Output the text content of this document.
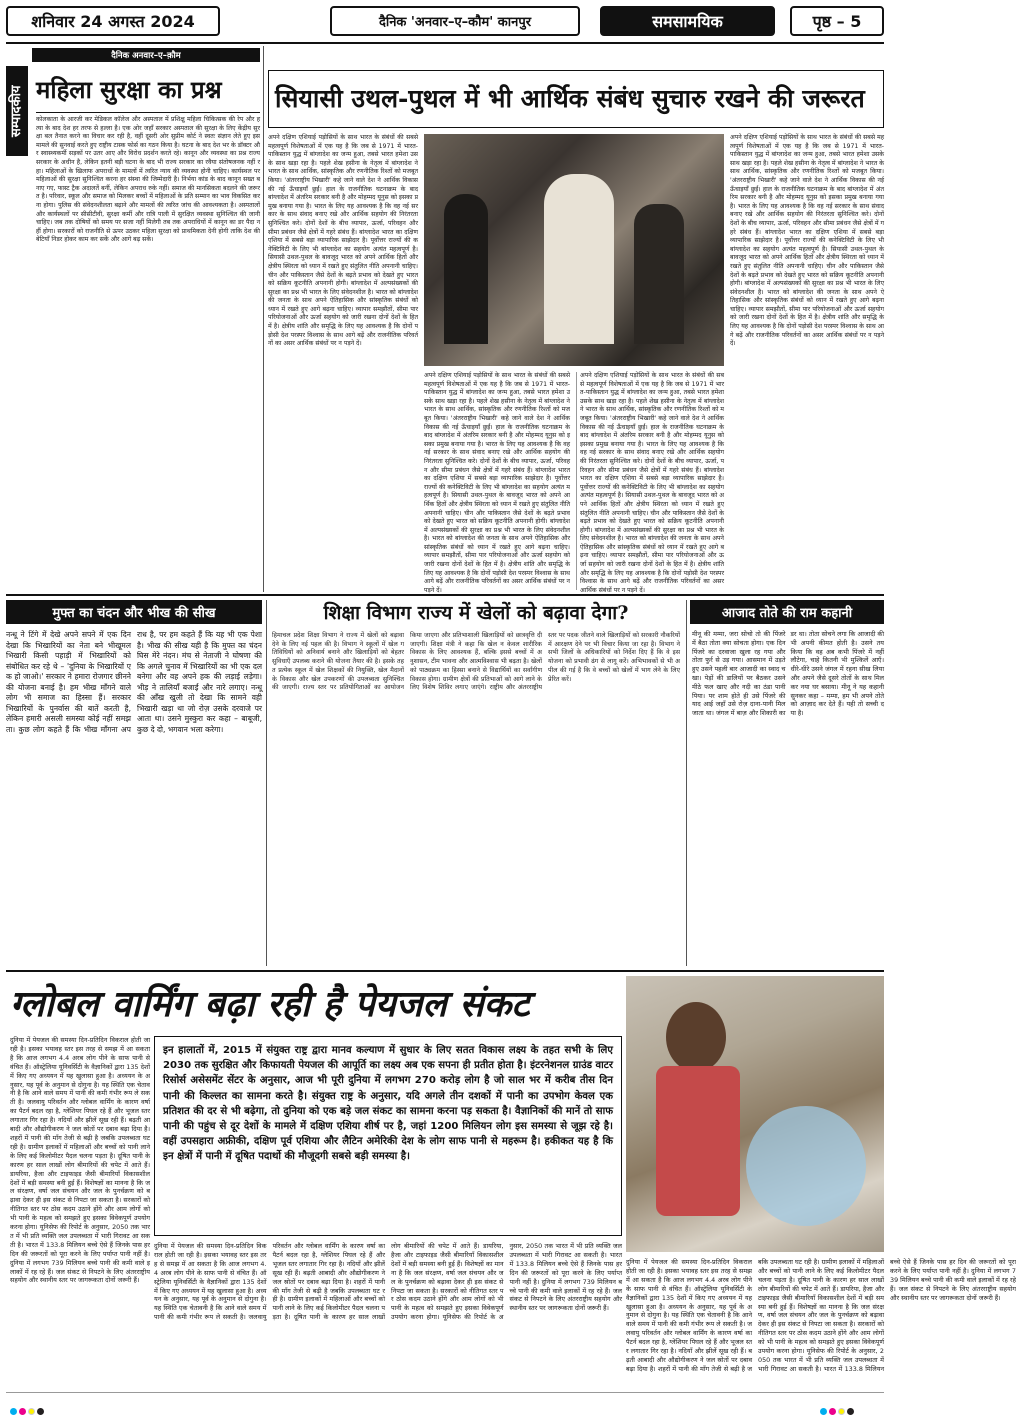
शनिवार 24 अगस्त 2024	दैनिक 'अनवार–ए–कौम' कानपुर	समसामयिक	पृष्ठ – 5
सम्पादकीय
दैनिक अनवार–ए–क़ौम
महिला सुरक्षा का प्रश्न
कोलकाता के आरजी कर मेडिकल कॉलेज और अस्पताल में प्रशिक्षु महिला चिकित्सक की रेप और हत्या के बाद देश हर तरफ से हल्ला है। एक ओर जहाँ सरकार अस्पताल की सुरक्षा के लिए केंद्रीय सुरक्षा बल तैनात करने का विचार कर रही है, वहीं दूसरी ओर सुप्रीम कोर्ट ने स्वतः संज्ञान लेते हुए इस मामले की सुनवाई करते हुए राष्ट्रीय टास्क फोर्स का गठन किया है। घटना के बाद देश भर के डॉक्टर और स्वास्थ्यकर्मी सड़कों पर उतर आए और विरोध प्रदर्शन करते रहे। कानून और व्यवस्था का प्रश्न राज्य सरकार के अधीन है, लेकिन इतनी बड़ी घटना के बाद भी राज्य सरकार का रवैया संतोषजनक नहीं रहा। महिलाओं के खिलाफ अपराधों के मामलों में त्वरित न्याय की व्यवस्था होनी चाहिए। कार्यस्थल पर महिलाओं की सुरक्षा सुनिश्चित करना हर संस्था की जिम्मेदारी है। निर्भया कांड के बाद कानून सख्त बनाए गए, फास्ट ट्रैक अदालतें बनीं, लेकिन अपराध रुके नहीं। समाज की मानसिकता बदलने की जरूरत है। परिवार, स्कूल और समाज को मिलकर बच्चों में महिलाओं के प्रति सम्मान का भाव विकसित करना होगा। पुलिस की संवेदनशीलता बढ़ाने और मामलों की त्वरित जांच की आवश्यकता है। अस्पतालों और कार्यस्थलों पर सीसीटीवी, सुरक्षा कर्मी और रात्रि पाली में सुरक्षित व्यवस्था सुनिश्चित की जानी चाहिए। जब तक दोषियों को समय पर सजा नहीं मिलेगी तब तक अपराधियों में कानून का डर पैदा नहीं होगा। सरकारों को राजनीति से ऊपर उठकर महिला सुरक्षा को प्राथमिकता देनी होगी ताकि देश की बेटियाँ निडर होकर काम कर सकें और आगे बढ़ सकें।
सियासी उथल-पुथल में भी आर्थिक संबंध सुचारु रखने की जरूरत
अपने दक्षिण एशियाई पड़ोसियों के साथ भारत के संबंधों की सबसे महत्वपूर्ण विशेषताओं में एक यह है कि जब से 1971 में भारत-पाकिस्तान युद्ध में बांग्लादेश का जन्म हुआ, तबसे भारत हमेशा उसके साथ खड़ा रहा है। पहले शेख हसीना के नेतृत्व में बांग्लादेश ने भारत के साथ आर्थिक, सांस्कृतिक और रणनीतिक रिश्तों को मजबूत किया। 'अंतरराष्ट्रीय भिखारी' कहे जाने वाले देश ने आर्थिक विकास की नई ऊँचाइयाँ छुईं। हाल के राजनीतिक घटनाक्रम के बाद बांग्लादेश में अंतरिम सरकार बनी है और मोहम्मद यूनुस को इसका प्रमुख बनाया गया है। भारत के लिए यह आवश्यक है कि वह नई सरकार के साथ संवाद बनाए रखे और आर्थिक सहयोग की निरंतरता सुनिश्चित करे। दोनों देशों के बीच व्यापार, ऊर्जा, परिवहन और सीमा प्रबंधन जैसे क्षेत्रों में गहरे संबंध हैं। बांग्लादेश भारत का दक्षिण एशिया में सबसे बड़ा व्यापारिक साझेदार है। पूर्वोत्तर राज्यों की कनेक्टिविटी के लिए भी बांग्लादेश का सहयोग अत्यंत महत्वपूर्ण है। सियासी उथल-पुथल के बावजूद भारत को अपने आर्थिक हितों और क्षेत्रीय स्थिरता को ध्यान में रखते हुए संतुलित नीति अपनानी चाहिए। चीन और पाकिस्तान जैसे देशों के बढ़ते प्रभाव को देखते हुए भारत को सक्रिय कूटनीति अपनानी होगी। बांग्लादेश में अल्पसंख्यकों की सुरक्षा का प्रश्न भी भारत के लिए संवेदनशील है। भारत को बांग्लादेश की जनता के साथ अपने ऐतिहासिक और सांस्कृतिक संबंधों को ध्यान में रखते हुए आगे बढ़ना चाहिए। व्यापार समझौतों, सीमा पार परियोजनाओं और ऊर्जा सहयोग को जारी रखना दोनों देशों के हित में है। क्षेत्रीय शांति और समृद्धि के लिए यह आवश्यक है कि दोनों पड़ोसी देश परस्पर विश्वास के साथ आगे बढ़ें और राजनीतिक परिवर्तनों का असर आर्थिक संबंधों पर न पड़ने दें।
अपने दक्षिण एशियाई पड़ोसियों के साथ भारत के संबंधों की सबसे महत्वपूर्ण विशेषताओं में एक यह है कि जब से 1971 में भारत-पाकिस्तान युद्ध में बांग्लादेश का जन्म हुआ, तबसे भारत हमेशा उसके साथ खड़ा रहा है। पहले शेख हसीना के नेतृत्व में बांग्लादेश ने भारत के साथ आर्थिक, सांस्कृतिक और रणनीतिक रिश्तों को मजबूत किया। 'अंतरराष्ट्रीय भिखारी' कहे जाने वाले देश ने आर्थिक विकास की नई ऊँचाइयाँ छुईं। हाल के राजनीतिक घटनाक्रम के बाद बांग्लादेश में अंतरिम सरकार बनी है और मोहम्मद यूनुस को इसका प्रमुख बनाया गया है। भारत के लिए यह आवश्यक है कि वह नई सरकार के साथ संवाद बनाए रखे और आर्थिक सहयोग की निरंतरता सुनिश्चित करे। दोनों देशों के बीच व्यापार, ऊर्जा, परिवहन और सीमा प्रबंधन जैसे क्षेत्रों में गहरे संबंध हैं। बांग्लादेश भारत का दक्षिण एशिया में सबसे बड़ा व्यापारिक साझेदार है। पूर्वोत्तर राज्यों की कनेक्टिविटी के लिए भी बांग्लादेश का सहयोग अत्यंत महत्वपूर्ण है। सियासी उथल-पुथल के बावजूद भारत को अपने आर्थिक हितों और क्षेत्रीय स्थिरता को ध्यान में रखते हुए संतुलित नीति अपनानी चाहिए। चीन और पाकिस्तान जैसे देशों के बढ़ते प्रभाव को देखते हुए भारत को सक्रिय कूटनीति अपनानी होगी। बांग्लादेश में अल्पसंख्यकों की सुरक्षा का प्रश्न भी भारत के लिए संवेदनशील है। भारत को बांग्लादेश की जनता के साथ अपने ऐतिहासिक और सांस्कृतिक संबंधों को ध्यान में रखते हुए आगे बढ़ना चाहिए। व्यापार समझौतों, सीमा पार परियोजनाओं और ऊर्जा सहयोग को जारी रखना दोनों देशों के हित में है। क्षेत्रीय शांति और समृद्धि के लिए यह आवश्यक है कि दोनों पड़ोसी देश परस्पर विश्वास के साथ आगे बढ़ें और राजनीतिक परिवर्तनों का असर आर्थिक संबंधों पर न पड़ने दें।
अपने दक्षिण एशियाई पड़ोसियों के साथ भारत के संबंधों की सबसे महत्वपूर्ण विशेषताओं में एक यह है कि जब से 1971 में भारत-पाकिस्तान युद्ध में बांग्लादेश का जन्म हुआ, तबसे भारत हमेशा उसके साथ खड़ा रहा है। पहले शेख हसीना के नेतृत्व में बांग्लादेश ने भारत के साथ आर्थिक, सांस्कृतिक और रणनीतिक रिश्तों को मजबूत किया। 'अंतरराष्ट्रीय भिखारी' कहे जाने वाले देश ने आर्थिक विकास की नई ऊँचाइयाँ छुईं। हाल के राजनीतिक घटनाक्रम के बाद बांग्लादेश में अंतरिम सरकार बनी है और मोहम्मद यूनुस को इसका प्रमुख बनाया गया है। भारत के लिए यह आवश्यक है कि वह नई सरकार के साथ संवाद बनाए रखे और आर्थिक सहयोग की निरंतरता सुनिश्चित करे। दोनों देशों के बीच व्यापार, ऊर्जा, परिवहन और सीमा प्रबंधन जैसे क्षेत्रों में गहरे संबंध हैं। बांग्लादेश भारत का दक्षिण एशिया में सबसे बड़ा व्यापारिक साझेदार है। पूर्वोत्तर राज्यों की कनेक्टिविटी के लिए भी बांग्लादेश का सहयोग अत्यंत महत्वपूर्ण है। सियासी उथल-पुथल के बावजूद भारत को अपने आर्थिक हितों और क्षेत्रीय स्थिरता को ध्यान में रखते हुए संतुलित नीति अपनानी चाहिए। चीन और पाकिस्तान जैसे देशों के बढ़ते प्रभाव को देखते हुए भारत को सक्रिय कूटनीति अपनानी होगी। बांग्लादेश में अल्पसंख्यकों की सुरक्षा का प्रश्न भी भारत के लिए संवेदनशील है। भारत को बांग्लादेश की जनता के साथ अपने ऐतिहासिक और सांस्कृतिक संबंधों को ध्यान में रखते हुए आगे बढ़ना चाहिए। व्यापार समझौतों, सीमा पार परियोजनाओं और ऊर्जा सहयोग को जारी रखना दोनों देशों के हित में है। क्षेत्रीय शांति और समृद्धि के लिए यह आवश्यक है कि दोनों पड़ोसी देश परस्पर विश्वास के साथ आगे बढ़ें और राजनीतिक परिवर्तनों का असर आर्थिक संबंधों पर न पड़ने दें।
अपने दक्षिण एशियाई पड़ोसियों के साथ भारत के संबंधों की सबसे महत्वपूर्ण विशेषताओं में एक यह है कि जब से 1971 में भारत-पाकिस्तान युद्ध में बांग्लादेश का जन्म हुआ, तबसे भारत हमेशा उसके साथ खड़ा रहा है। पहले शेख हसीना के नेतृत्व में बांग्लादेश ने भारत के साथ आर्थिक, सांस्कृतिक और रणनीतिक रिश्तों को मजबूत किया। 'अंतरराष्ट्रीय भिखारी' कहे जाने वाले देश ने आर्थिक विकास की नई ऊँचाइयाँ छुईं। हाल के राजनीतिक घटनाक्रम के बाद बांग्लादेश में अंतरिम सरकार बनी है और मोहम्मद यूनुस को इसका प्रमुख बनाया गया है। भारत के लिए यह आवश्यक है कि वह नई सरकार के साथ संवाद बनाए रखे और आर्थिक सहयोग की निरंतरता सुनिश्चित करे। दोनों देशों के बीच व्यापार, ऊर्जा, परिवहन और सीमा प्रबंधन जैसे क्षेत्रों में गहरे संबंध हैं। बांग्लादेश भारत का दक्षिण एशिया में सबसे बड़ा व्यापारिक साझेदार है। पूर्वोत्तर राज्यों की कनेक्टिविटी के लिए भी बांग्लादेश का सहयोग अत्यंत महत्वपूर्ण है। सियासी उथल-पुथल के बावजूद भारत को अपने आर्थिक हितों और क्षेत्रीय स्थिरता को ध्यान में रखते हुए संतुलित नीति अपनानी चाहिए। चीन और पाकिस्तान जैसे देशों के बढ़ते प्रभाव को देखते हुए भारत को सक्रिय कूटनीति अपनानी होगी। बांग्लादेश में अल्पसंख्यकों की सुरक्षा का प्रश्न भी भारत के लिए संवेदनशील है। भारत को बांग्लादेश की जनता के साथ अपने ऐतिहासिक और सांस्कृतिक संबंधों को ध्यान में रखते हुए आगे बढ़ना चाहिए। व्यापार समझौतों, सीमा पार परियोजनाओं और ऊर्जा सहयोग को जारी रखना दोनों देशों के हित में है। क्षेत्रीय शांति और समृद्धि के लिए यह आवश्यक है कि दोनों पड़ोसी देश परस्पर विश्वास के साथ आगे बढ़ें और राजनीतिक परिवर्तनों का असर आर्थिक संबंधों पर न पड़ने दें।
मुफ्त का चंदन और भीख की सीख
नन्धू ने टिंगे में देखे अपने सपने में एक दिन देखा कि भिखारियों का नेता बने भीखूमल भिखारी किसी पहाड़ी में भिखारियों को संबोधित कर रहे थे – 'दुनिया के भिखारियों एक हो जाओ।' सरकार ने हमारा रोजगार छीनने की योजना बनाई है। हम भीख माँगने वाले लोग भी समाज का हिस्सा हैं। सरकार भिखारियों के पुनर्वास की बातें करती है, लेकिन हमारी असली समस्या कोई नहीं समझता। कुछ लोग कहते हैं कि भीख माँगना अपराध है, पर हम कहते हैं कि यह भी एक पेशा है। भीख की सीख यही है कि मुफ्त का चंदन घिस मेरे नंदन। मंच से नेताजी ने घोषणा की कि अगले चुनाव में भिखारियों का भी एक दल बनेगा और वह अपने हक की लड़ाई लड़ेगा। भीड़ ने तालियाँ बजाईं और नारे लगाए। नन्धू की आँख खुली तो देखा कि सामने वही भिखारी खड़ा था जो रोज़ उसके दरवाजे पर आता था। उसने मुस्कुरा कर कहा – बाबूजी, कुछ दे दो, भगवान भला करेगा।
शिक्षा विभाग राज्य में खेलों को बढ़ावा देगा?
हिमाचल प्रदेश शिक्षा विभाग ने राज्य में खेलों को बढ़ावा देने के लिए नई पहल की है। विभाग ने स्कूलों में खेल गतिविधियों को अनिवार्य बनाने और खिलाड़ियों को बेहतर सुविधाएँ उपलब्ध कराने की योजना तैयार की है। इसके तहत प्रत्येक स्कूल में खेल शिक्षकों की नियुक्ति, खेल मैदानों के विकास और खेल उपकरणों की उपलब्धता सुनिश्चित की जाएगी। राज्य स्तर पर प्रतियोगिताओं का आयोजन किया जाएगा और प्रतिभाशाली खिलाड़ियों को छात्रवृत्ति दी जाएगी। शिक्षा मंत्री ने कहा कि खेल न केवल शारीरिक विकास के लिए आवश्यक हैं, बल्कि इससे बच्चों में अनुशासन, टीम भावना और आत्मविश्वास भी बढ़ता है। खेलों को पाठ्यक्रम का हिस्सा बनाने से विद्यार्थियों का सर्वांगीण विकास होगा। ग्रामीण क्षेत्रों की प्रतिभाओं को आगे लाने के लिए विशेष शिविर लगाए जाएंगे। राष्ट्रीय और अंतरराष्ट्रीय स्तर पर पदक जीतने वाले खिलाड़ियों को सरकारी नौकरियों में आरक्षण देने पर भी विचार किया जा रहा है। विभाग ने सभी जिलों के अधिकारियों को निर्देश दिए हैं कि वे इस योजना को प्रभावी ढंग से लागू करें। अभिभावकों से भी अपील की गई है कि वे बच्चों को खेलों में भाग लेने के लिए प्रेरित करें।
आजाद तोते की राम कहानी
मीनू की मम्मा, जरा सोचो तो की पिंजरे में बैठा तोता क्या सोचता होगा। एक दिन पिंजरे का दरवाजा खुला रह गया और तोता फुर्र से उड़ गया। आसमान में उड़ते हुए उसने पहली बार आजादी का स्वाद चखा। पेड़ों की डालियों पर बैठकर उसने मीठे फल खाए और नदी का ठंडा पानी पिया। पर शाम होते ही उसे पिंजरे की याद आई जहाँ उसे रोज़ दाना-पानी मिल जाता था। जंगल में बाज़ और शिकारी का डर था। तोता सोचने लगा कि आजादी की भी अपनी कीमत होती है। उसने तय किया कि वह अब कभी पिंजरे में नहीं लौटेगा, चाहे कितनी भी मुश्किलें आएँ। धीरे-धीरे उसने जंगल में रहना सीख लिया और अपने जैसे दूसरे तोतों के साथ मिलकर नया घर बसाया। मीनू ने यह कहानी सुनकर कहा – मम्मा, हम भी अपने तोते को आज़ाद कर देते हैं। यही तो सच्ची दया है।
ग्लोबल वार्मिंग बढ़ा रही है पेयजल संकट
दुनिया में पेयजल की समस्या दिन-प्रतिदिन विकराल होती जा रही है। इसका भयावह स्तर इस तरह से समझ में आ सकता है कि आज लगभग 4.4 अरब लोग पीने के साफ पानी से वंचित हैं। ऑस्ट्रेलिया यूनिवर्सिटी के वैज्ञानिकों द्वारा 135 देशों में किए गए अध्ययन में यह खुलासा हुआ है। अध्ययन के अनुसार, यह पूर्व के अनुमान से दोगुना है। यह स्थिति एक चेतावनी है कि आने वाले समय में पानी की कमी गंभीर रूप ले सकती है। जलवायु परिवर्तन और ग्लोबल वार्मिंग के कारण वर्षा का पैटर्न बदल रहा है, ग्लेशियर पिघल रहे हैं और भूजल स्तर लगातार गिर रहा है। नदियाँ और झीलें सूख रही हैं। बढ़ती आबादी और औद्योगीकरण ने जल स्रोतों पर दबाव बढ़ा दिया है। शहरों में पानी की माँग तेजी से बढ़ी है जबकि उपलब्धता घट रही है। ग्रामीण इलाकों में महिलाओं और बच्चों को पानी लाने के लिए कई किलोमीटर पैदल चलना पड़ता है। दूषित पानी के कारण हर साल लाखों लोग बीमारियों की चपेट में आते हैं। डायरिया, हैजा और टाइफाइड जैसी बीमारियाँ विकासशील देशों में बड़ी समस्या बनी हुई हैं। विशेषज्ञों का मानना है कि जल संरक्षण, वर्षा जल संचयन और जल के पुनर्चक्रण को बढ़ावा देकर ही इस संकट से निपटा जा सकता है। सरकारों को नीतिगत स्तर पर ठोस कदम उठाने होंगे और आम लोगों को भी पानी के महत्व को समझते हुए इसका विवेकपूर्ण उपयोग करना होगा। यूनिसेफ की रिपोर्ट के अनुसार, 2050 तक भारत में भी प्रति व्यक्ति जल उपलब्धता में भारी गिरावट आ सकती है। भारत में 133.8 मिलियन बच्चे ऐसे हैं जिनके पास हर दिन की जरूरतों को पूरा करने के लिए पर्याप्त पानी नहीं है। दुनिया में लगभग 739 मिलियन बच्चे पानी की कमी वाले इलाकों में रह रहे हैं। जल संकट से निपटने के लिए अंतरराष्ट्रीय सहयोग और स्थानीय स्तर पर जागरूकता दोनों जरूरी हैं।
इन हालातों में, 2015 में संयुक्त राष्ट्र द्वारा मानव कल्याण में सुधार के लिए सतत विकास लक्ष्य के तहत सभी के लिए 2030 तक सुरक्षित और किफायती पेयजल की आपूर्ति का लक्ष्य अब एक सपना ही प्रतीत होता है। इंटरनेशनल ग्राउंड वाटर रिसोर्स असेसमेंट सेंटर के अनुसार, आज भी पूरी दुनिया में लगभग 270 करोड़ लोग है जो साल भर में करीब तीस दिन पानी की किल्लत का सामना करते है। संयुक्त राष्ट्र के अनुसार, यदि अगले तीन दशकों में पानी का उपभोग केवल एक प्रतिशत की दर से भी बढ़ेगा, तो दुनिया को एक बड़े जल संकट का सामना करना पड़ सकता है। वैज्ञानिकों की मानें तो साफ पानी की पहुंच से दूर देशों के मामले में दक्षिण एशिया शीर्ष पर है, जहां 1200 मिलियन लोग इस समस्या से जूझ रहे है। वहीं उपसहारा अफ्रीकी, दक्षिण पूर्व एशिया और लैटिन अमेरिकी देश के लोग साफ पानी से महरूम है। हकीकत यह है कि इन क्षेत्रों में पानी में दूषित पदार्थो की मौजूदगी सबसे बड़ी समस्या है।
दुनिया में पेयजल की समस्या दिन-प्रतिदिन विकराल होती जा रही है। इसका भयावह स्तर इस तरह से समझ में आ सकता है कि आज लगभग 4.4 अरब लोग पीने के साफ पानी से वंचित हैं। ऑस्ट्रेलिया यूनिवर्सिटी के वैज्ञानिकों द्वारा 135 देशों में किए गए अध्ययन में यह खुलासा हुआ है। अध्ययन के अनुसार, यह पूर्व के अनुमान से दोगुना है। यह स्थिति एक चेतावनी है कि आने वाले समय में पानी की कमी गंभीर रूप ले सकती है। जलवायु परिवर्तन और ग्लोबल वार्मिंग के कारण वर्षा का पैटर्न बदल रहा है, ग्लेशियर पिघल रहे हैं और भूजल स्तर लगातार गिर रहा है। नदियाँ और झीलें सूख रही हैं। बढ़ती आबादी और औद्योगीकरण ने जल स्रोतों पर दबाव बढ़ा दिया है। शहरों में पानी की माँग तेजी से बढ़ी है जबकि उपलब्धता घट रही है। ग्रामीण इलाकों में महिलाओं और बच्चों को पानी लाने के लिए कई किलोमीटर पैदल चलना पड़ता है। दूषित पानी के कारण हर साल लाखों लोग बीमारियों की चपेट में आते हैं। डायरिया, हैजा और टाइफाइड जैसी बीमारियाँ विकासशील देशों में बड़ी समस्या बनी हुई हैं। विशेषज्ञों का मानना है कि जल संरक्षण, वर्षा जल संचयन और जल के पुनर्चक्रण को बढ़ावा देकर ही इस संकट से निपटा जा सकता है। सरकारों को नीतिगत स्तर पर ठोस कदम उठाने होंगे और आम लोगों को भी पानी के महत्व को समझते हुए इसका विवेकपूर्ण उपयोग करना होगा। यूनिसेफ की रिपोर्ट के अनुसार, 2050 तक भारत में भी प्रति व्यक्ति जल उपलब्धता में भारी गिरावट आ सकती है। भारत में 133.8 मिलियन बच्चे ऐसे हैं जिनके पास हर दिन की जरूरतों को पूरा करने के लिए पर्याप्त पानी नहीं है। दुनिया में लगभग 739 मिलियन बच्चे पानी की कमी वाले इलाकों में रह रहे हैं। जल संकट से निपटने के लिए अंतरराष्ट्रीय सहयोग और स्थानीय स्तर पर जागरूकता दोनों जरूरी हैं।
दुनिया में पेयजल की समस्या दिन-प्रतिदिन विकराल होती जा रही है। इसका भयावह स्तर इस तरह से समझ में आ सकता है कि आज लगभग 4.4 अरब लोग पीने के साफ पानी से वंचित हैं। ऑस्ट्रेलिया यूनिवर्सिटी के वैज्ञानिकों द्वारा 135 देशों में किए गए अध्ययन में यह खुलासा हुआ है। अध्ययन के अनुसार, यह पूर्व के अनुमान से दोगुना है। यह स्थिति एक चेतावनी है कि आने वाले समय में पानी की कमी गंभीर रूप ले सकती है। जलवायु परिवर्तन और ग्लोबल वार्मिंग के कारण वर्षा का पैटर्न बदल रहा है, ग्लेशियर पिघल रहे हैं और भूजल स्तर लगातार गिर रहा है। नदियाँ और झीलें सूख रही हैं। बढ़ती आबादी और औद्योगीकरण ने जल स्रोतों पर दबाव बढ़ा दिया है। शहरों में पानी की माँग तेजी से बढ़ी है जबकि उपलब्धता घट रही है। ग्रामीण इलाकों में महिलाओं और बच्चों को पानी लाने के लिए कई किलोमीटर पैदल चलना पड़ता है। दूषित पानी के कारण हर साल लाखों लोग बीमारियों की चपेट में आते हैं। डायरिया, हैजा और टाइफाइड जैसी बीमारियाँ विकासशील देशों में बड़ी समस्या बनी हुई हैं। विशेषज्ञों का मानना है कि जल संरक्षण, वर्षा जल संचयन और जल के पुनर्चक्रण को बढ़ावा देकर ही इस संकट से निपटा जा सकता है। सरकारों को नीतिगत स्तर पर ठोस कदम उठाने होंगे और आम लोगों को भी पानी के महत्व को समझते हुए इसका विवेकपूर्ण उपयोग करना होगा। यूनिसेफ की रिपोर्ट के अनुसार, 2050 तक भारत में भी प्रति व्यक्ति जल उपलब्धता में भारी गिरावट आ सकती है। भारत में 133.8 मिलियन बच्चे ऐसे हैं जिनके पास हर दिन की जरूरतों को पूरा करने के लिए पर्याप्त पानी नहीं है। दुनिया में लगभग 739 मिलियन बच्चे पानी की कमी वाले इलाकों में रह रहे हैं। जल संकट से निपटने के लिए अंतरराष्ट्रीय सहयोग और स्थानीय स्तर पर जागरूकता दोनों जरूरी हैं।
